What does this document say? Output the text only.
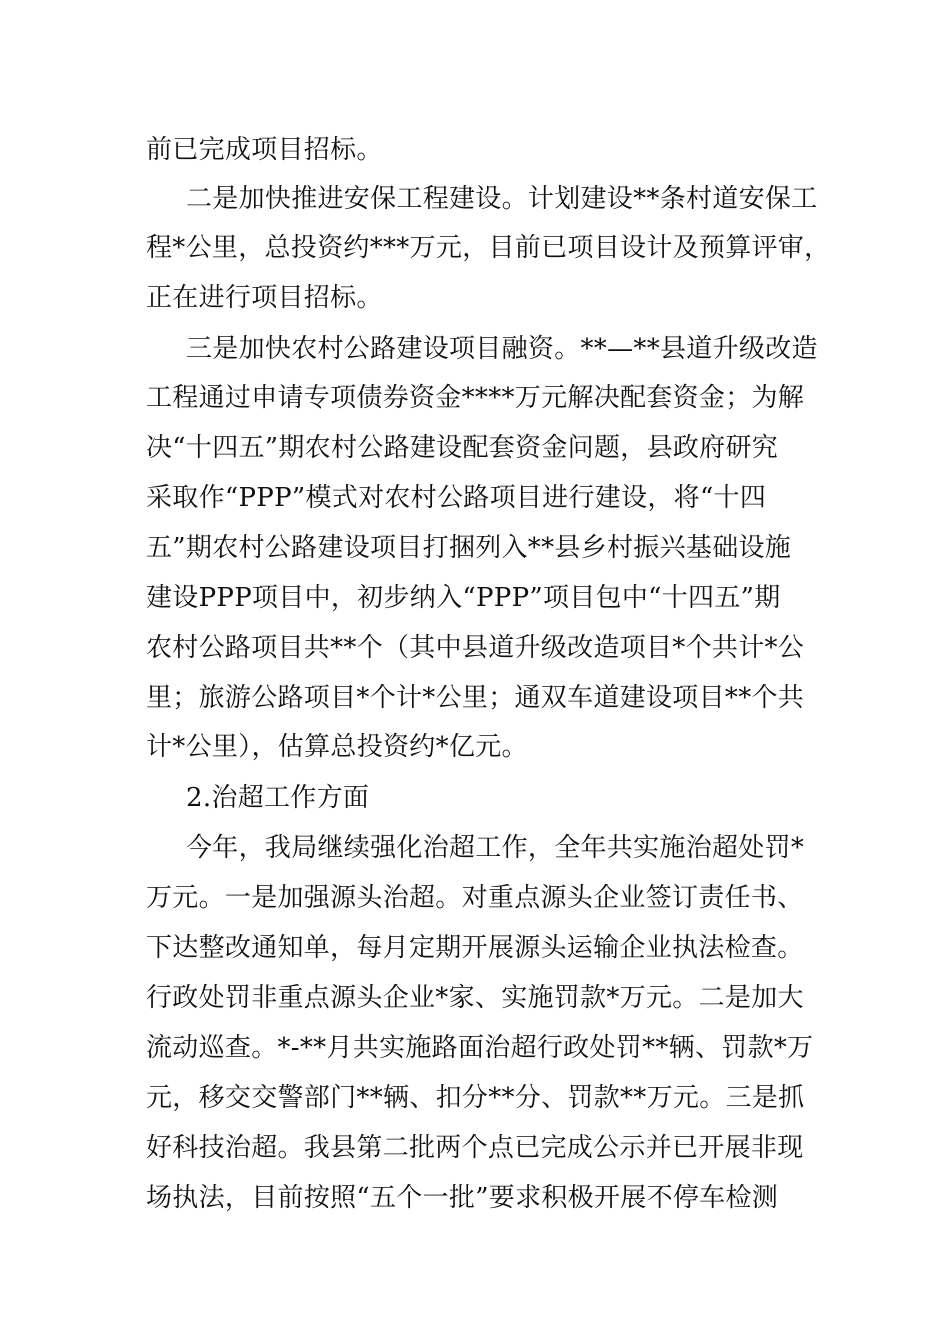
前已完成项目招标。
二是加快推进安保工程建设。计划建设**条村道安保工
程*公里，总投资约***万元，目前已项目设计及预算评审，
正在进行项目招标。
三是加快农村公路建设项目融资。**—**县道升级改造
工程通过申请专项债券资金****万元解决配套资金；为解
决“十四五”期农村公路建设配套资金问题，县政府研究
采取作“PPP”模式对农村公路项目进行建设，将“十四
五”期农村公路建设项目打捆列入**县乡村振兴基础设施
建设PPP项目中，初步纳入“PPP”项目包中“十四五”期
农村公路项目共**个（其中县道升级改造项目*个共计*公
里；旅游公路项目*个计*公里；通双车道建设项目**个共
计*公里），估算总投资约*亿元。
2.治超工作方面
今年，我局继续强化治超工作，全年共实施治超处罚*
万元。一是加强源头治超。对重点源头企业签订责任书、
下达整改通知单，每月定期开展源头运输企业执法检查。
行政处罚非重点源头企业*家、实施罚款*万元。二是加大
流动巡查。*-**月共实施路面治超行政处罚**辆、罚款*万
元，移交交警部门**辆、扣分**分、罚款**万元。三是抓
好科技治超。我县第二批两个点已完成公示并已开展非现
场执法，目前按照“五个一批”要求积极开展不停车检测
